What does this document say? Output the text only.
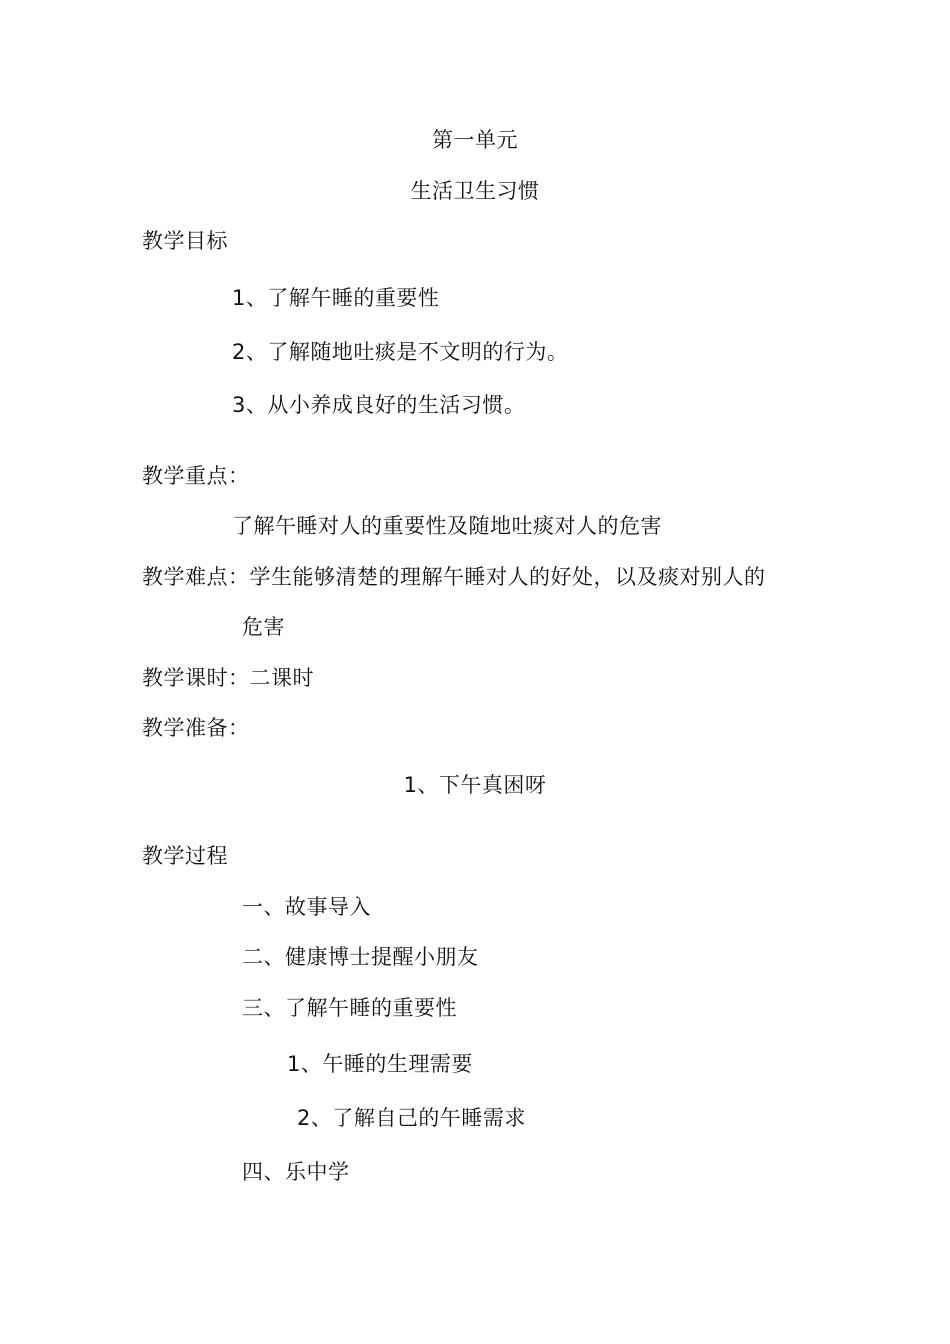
第一单元
生活卫生习惯
教学目标
1、了解午睡的重要性
2、了解随地吐痰是不文明的行为。
3、从小养成良好的生活习惯。
教学重点：
了解午睡对人的重要性及随地吐痰对人的危害
教学难点：学生能够清楚的理解午睡对人的好处，以及痰对别人的
危害
教学课时：二课时
教学准备：
1、下午真困呀
教学过程
一、故事导入
二、健康博士提醒小朋友
三、了解午睡的重要性
1、午睡的生理需要
2、了解自己的午睡需求
四、乐中学
